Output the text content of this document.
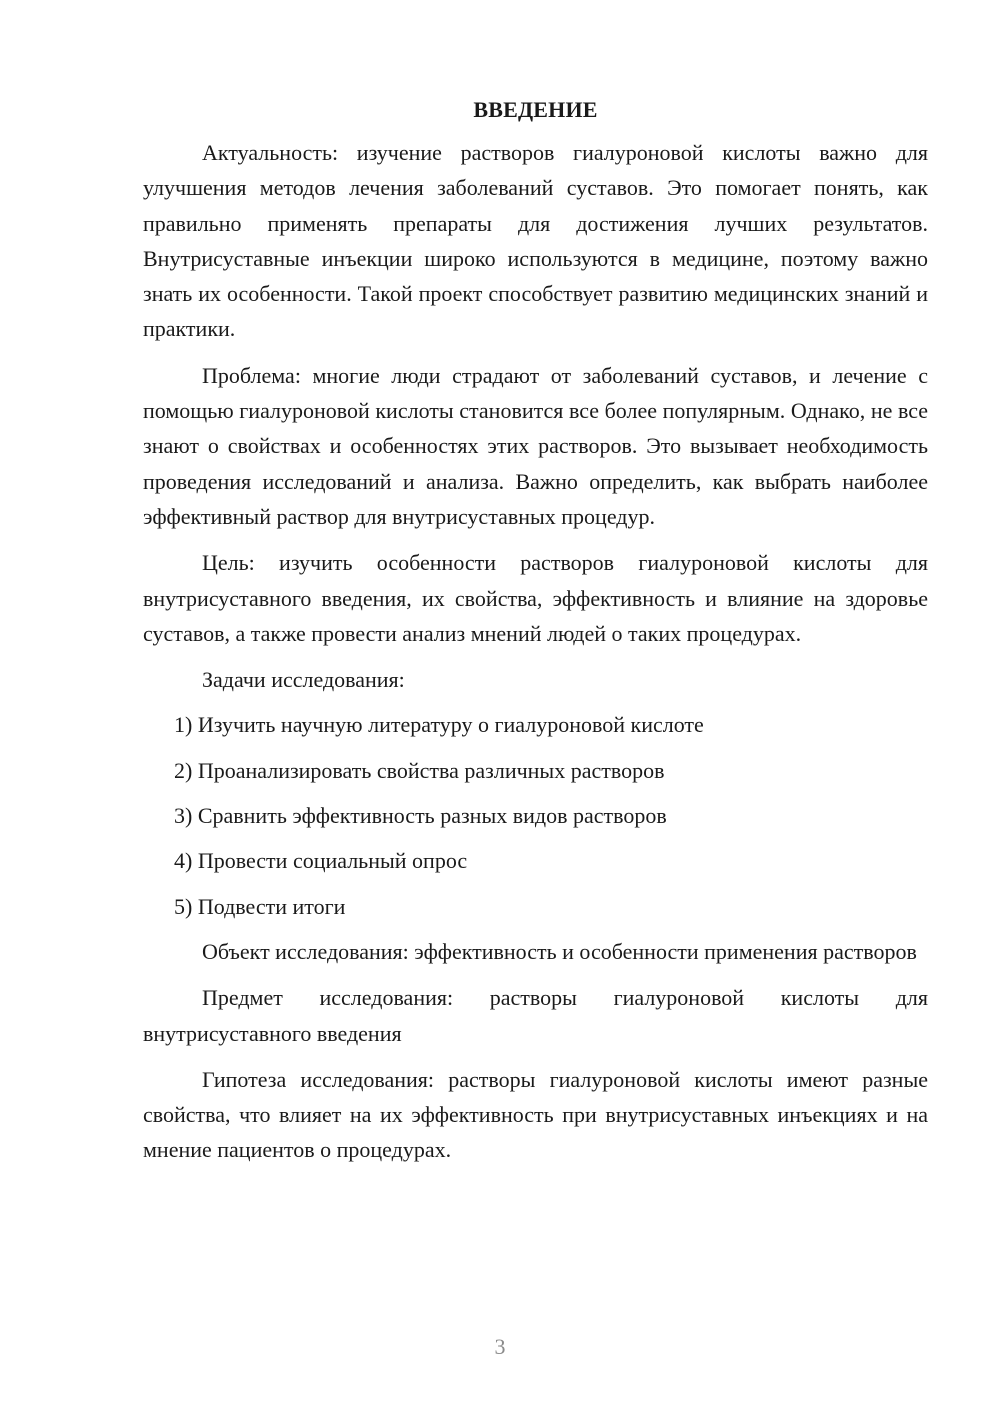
ВВЕДЕНИЕ

Актуальность: изучение растворов гиалуроновой кислоты важно для улучшения методов лечения заболеваний суставов. Это помогает понять, как правильно применять препараты для достижения лучших результатов. Внутрисуставные инъекции широко используются в медицине, поэтому важно знать их особенности. Такой проект способствует развитию медицинских знаний и практики.

Проблема: многие люди страдают от заболеваний суставов, и лечение с помощью гиалуроновой кислоты становится все более популярным. Однако, не все знают о свойствах и особенностях этих растворов. Это вызывает необходимость проведения исследований и анализа. Важно определить, как выбрать наиболее эффективный раствор для внутрисуставных процедур.

Цель: изучить особенности растворов гиалуроновой кислоты для внутрисуставного введения, их свойства, эффективность и влияние на здоровье суставов, а также провести анализ мнений людей о таких процедурах.

Задачи исследования:

1) Изучить научную литературу о гиалуроновой кислоте
2) Проанализировать свойства различных растворов
3) Сравнить эффективность разных видов растворов
4) Провести социальный опрос
5) Подвести итоги

Объект исследования: эффективность и особенности применения растворов

Предмет исследования: растворы гиалуроновой кислоты для внутрисуставного введения

Гипотеза исследования: растворы гиалуроновой кислоты имеют разные свойства, что влияет на их эффективность при внутрисуставных инъекциях и на мнение пациентов о процедурах.

3
